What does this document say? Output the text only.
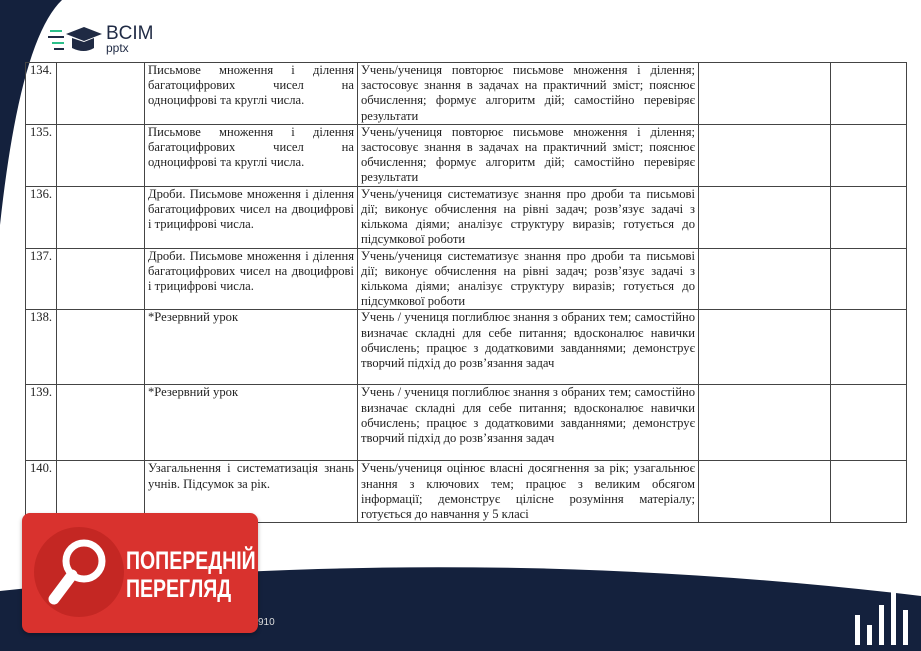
BCIM
pptx
134.		Письмове множення і ділення багатоцифрових чисел на одноцифрові та круглі числа.	Учень/учениця повторює письмове множення і ділення; застосовує знання в задачах на практичний зміст; пояснює обчислення; формує алгоритм дій; самостійно перевіряє результати		
135.		Письмове множення і ділення багатоцифрових чисел на одноцифрові та круглі числа.	Учень/учениця повторює письмове множення і ділення; застосовує знання в задачах на практичний зміст; пояснює обчислення; формує алгоритм дій; самостійно перевіряє результати		
136.		Дроби. Письмове множення і ділення багатоцифрових чисел на двоцифрові і трицифрові числа.	Учень/учениця систематизує знання про дроби та письмові дії; виконує обчислення на рівні задач; розв’язує задачі з кількома діями; аналізує структуру виразів; готується до підсумкової роботи		
137.		Дроби. Письмове множення і ділення багатоцифрових чисел на двоцифрові і трицифрові числа.	Учень/учениця систематизує знання про дроби та письмові дії; виконує обчислення на рівні задач; розв’язує задачі з кількома діями; аналізує структуру виразів; готується до підсумкової роботи		
138.		*Резервний урок	Учень / учениця поглиблює знання з обраних тем; самостійно визначає складні для себе питання; вдосконалює навички обчислень; працює з додатковими завданнями; демонструє творчий підхід до розв’язання задач		
139.		*Резервний урок	Учень / учениця поглиблює знання з обраних тем; самостійно визначає складні для себе питання; вдосконалює навички обчислень; працює з додатковими завданнями; демонструє творчий підхід до розв’язання задач		
140.		Узагальнення і систематизація знань учнів. Підсумок за рік.	Учень/учениця оцінює власні досягнення за рік; узагальнює знання з ключових тем; працює з великим обсягом інформації; демонструє цілісне розуміння матеріалу; готується до навчання у 5 класі		
910
ПОПЕРЕДНІЙ
ПЕРЕГЛЯД
